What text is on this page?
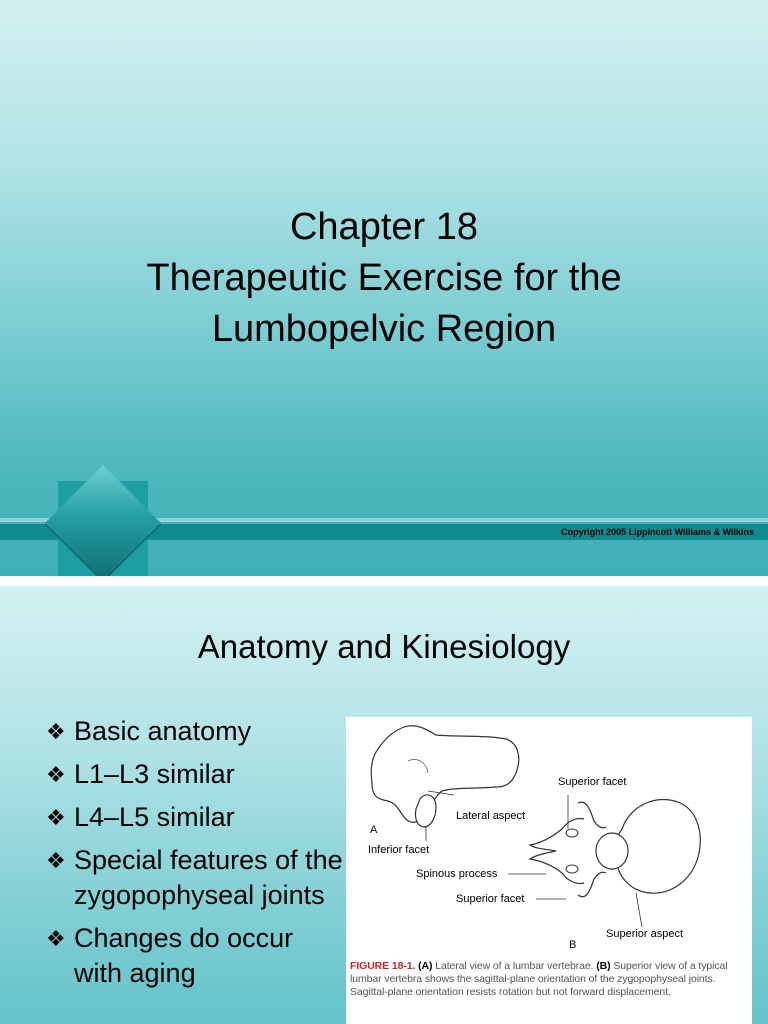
Chapter 18
Therapeutic Exercise for the
Lumbopelvic Region
Copyright 2005 Lippincott Williams & Wilkins
Anatomy and Kinesiology
❖ Basic anatomy
❖ L1–L3 similar
❖ L4–L5 similar
❖ Special features of the zygopophyseal joints
❖ Changes do occur with aging
Superior facet
Lateral aspect
A
Inferior facet
Spinous process
Superior facet
B
Superior aspect
FIGURE 18-1. (A) Lateral view of a lumbar vertebrae. (B) Superior view of a typical lumbar vertebra shows the sagittal-plane orientation of the zygopophyseal joints. Sagittal-plane orientation resists rotation but not forward displacement.
